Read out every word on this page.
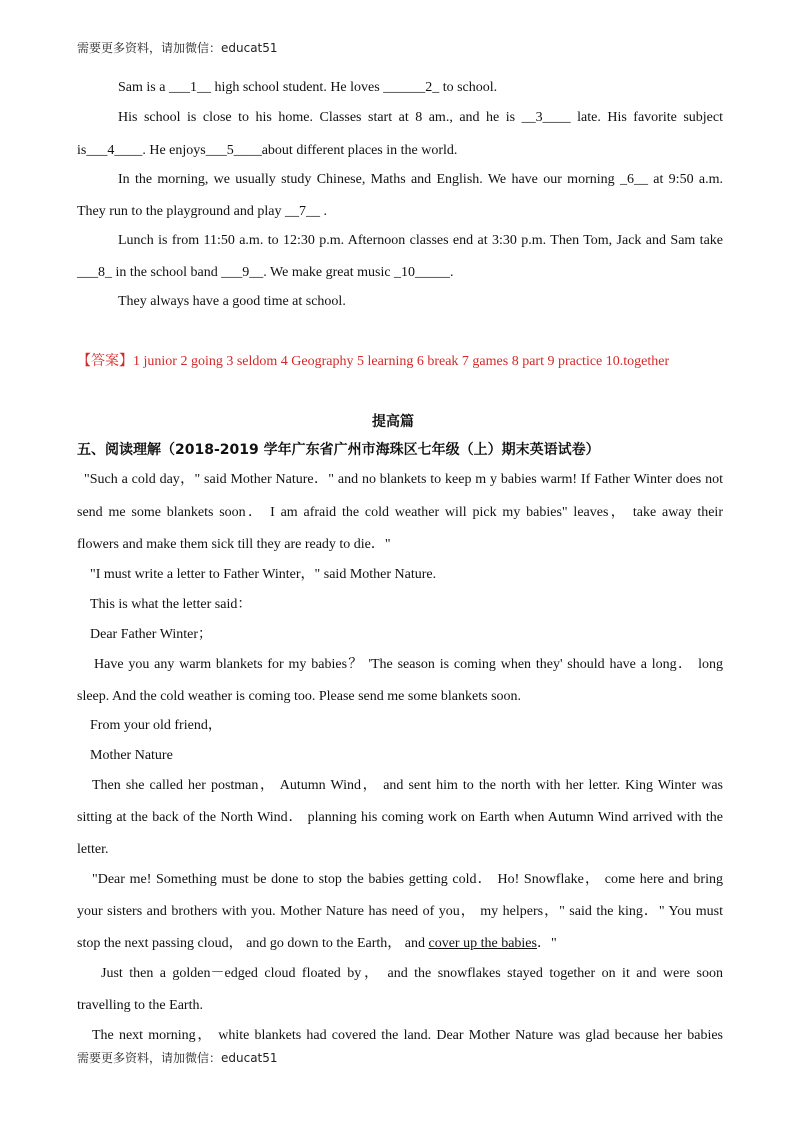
需要更多资料，请加微信：educat51
Sam is a ___1__ high school student. He loves ______2_ to school.
His school is close to his home. Classes start at 8 am., and he is __3____ late. His favorite subject
is___4____. He enjoys___5____about different places in the world.
In the morning, we usually study Chinese, Maths and English. We have our morning _6__ at 9:50 a.m.
They run to the playground and play __7__ .
Lunch is from 11:50 a.m. to 12:30 p.m. Afternoon classes end at 3:30 p.m. Then Tom, Jack and Sam take
___8_ in the school band ___9__. We make great music _10_____.
They always have a good time at school.
【答案】1 junior 2 going 3 seldom 4 Geography 5 learning 6 break 7 games 8 part 9 practice 10.together
提高篇
五、阅读理解（2018-2019 学年广东省广州市海珠区七年级（上）期末英语试卷）
"Such a cold day，" said Mother Nature．" and no blankets to keep m y babies warm! If Father Winter does not
send me some blankets soon． I am afraid the cold weather will pick my babies" leaves， take away their
flowers and make them sick till they are ready to die．"
"I must write a letter to Father Winter，" said Mother Nature.
This is what the letter said：
Dear Father Winter；
Have you any warm blankets for my babies？ 'The season is coming when they' should have a long． long
sleep. And the cold weather is coming too. Please send me some blankets soon.
From your old friend，
Mother Nature
Then she called her postman， Autumn Wind， and sent him to the north with her letter. King Winter was
sitting at the back of the North Wind． planning his coming work on Earth when Autumn Wind arrived with the
letter.
"Dear me! Something must be done to stop the babies getting cold． Ho! Snowflake， come here and bring
your sisters and brothers with you. Mother Nature has need of you， my helpers，" said the king．" You must
stop the next passing cloud， and go down to the Earth， and cover up the babies．"
Just then a golden－edged cloud floated by， and the snowflakes stayed together on it and were soon
travelling to the Earth.
The next morning， white blankets had covered the land. Dear Mother Nature was glad because her babies
需要更多资料，请加微信：educat51
